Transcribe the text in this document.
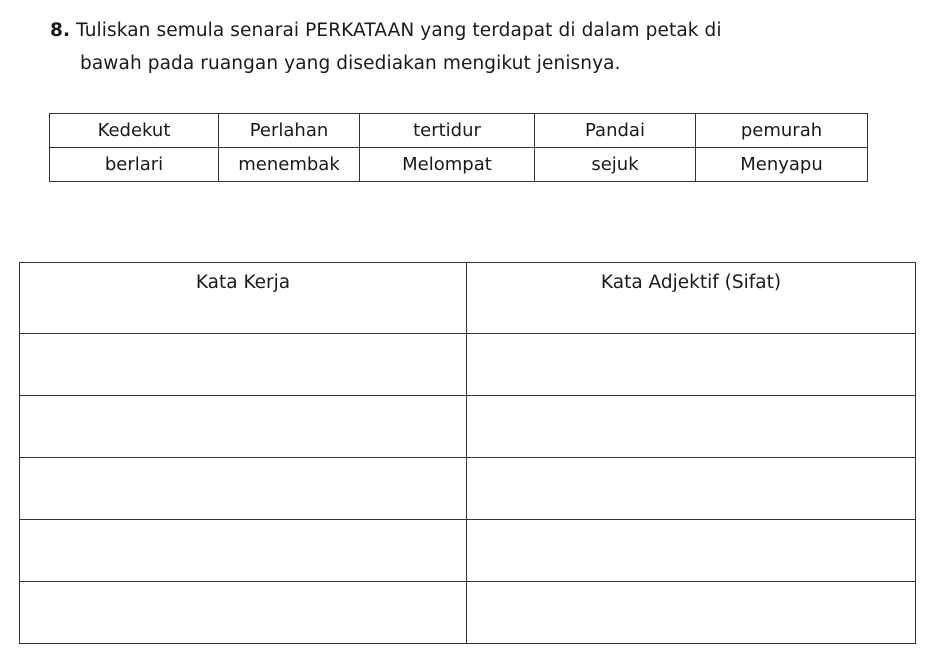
8. Tuliskan semula senarai PERKATAAN yang terdapat di dalam petak di
bawah pada ruangan yang disediakan mengikut jenisnya.
Kedekut	Perlahan	tertidur	Pandai	pemurah
berlari	menembak	Melompat	sejuk	Menyapu
Kata Kerja	Kata Adjektif (Sifat)
